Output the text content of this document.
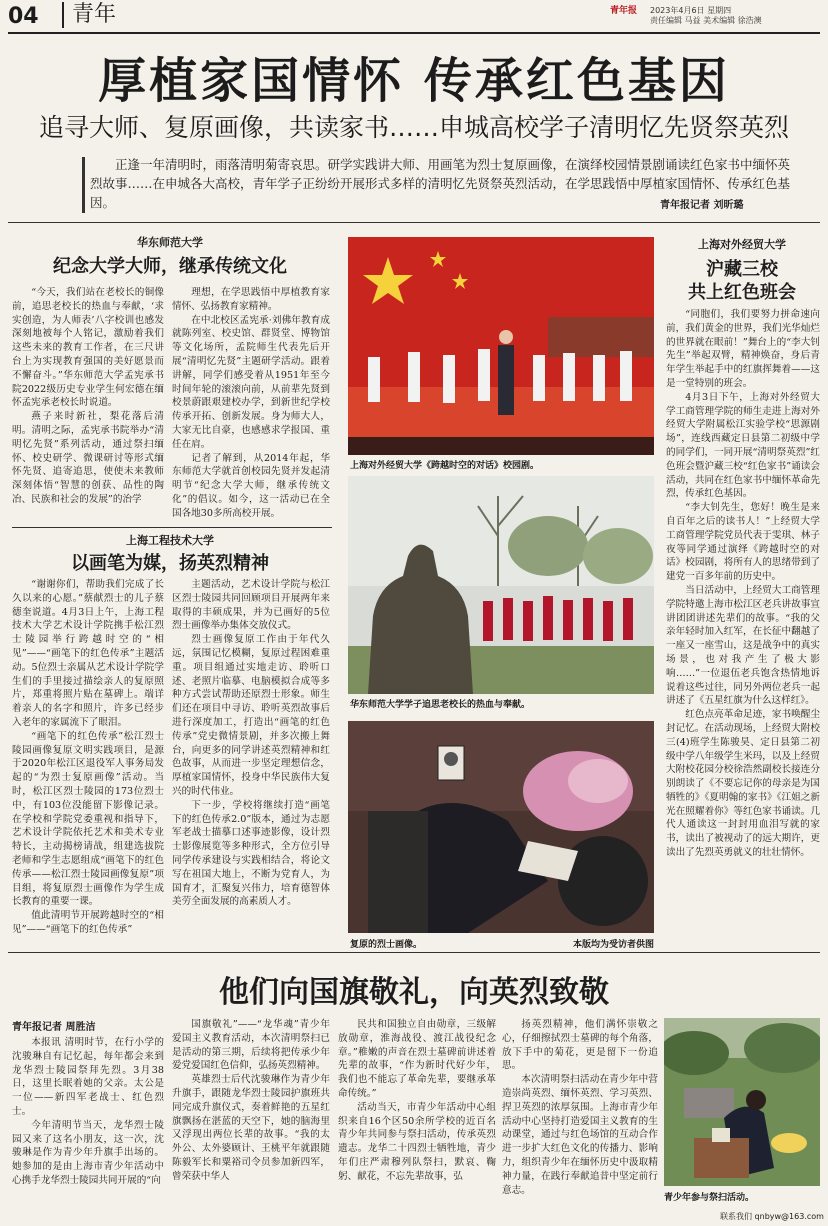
04	青年	青年报	2023年4月6日 星期四
责任编辑 马益 美术编辑 徐浩澳
厚植家国情怀 传承红色基因
追寻大师、复原画像，共读家书……申城高校学子清明忆先贤祭英烈
正逢一年清明时，雨落清明菊寄哀思。研学实践讲大师、用画笔为烈士复原画像，在演绎校园情景剧诵读红色家书中缅怀英烈故事……在申城各大高校，青年学子正纷纷开展形式多样的清明忆先贤祭英烈活动，在学思践悟中厚植家国情怀、传承红色基因。	青年报记者 刘昕璐
华东师范大学
纪念大学大师，继承传统文化

“今天，我们站在老校长的铜像前，追思老校长的热血与奉献，‘求实创造，为人师表’八字校训也感发深刻地被每个人铭记，激励着我们这些未来的教育工作者，在三尺讲台上为实现教育强国的美好愿景而不懈奋斗。”华东师范大学孟宪承书院2022级历史专业学生何宏德在缅怀孟宪承老校长时说道。

燕子来时新社，梨花落后清明。清明之际，孟宪承书院举办“清明忆先贤”系列活动，通过祭扫缅怀、校史研学、微课研讨等形式缅怀先贤、追寄追思，使使未来教师深刻体悟“智慧的创获、品性的陶冶、民族和社会的发展”的治学

理想，在学思践悟中厚植教育家情怀、弘扬教育家精神。

在中北校区孟宪承·刘佛年教育成就陈列室、校史馆、群贤堂、博物馆等文化场所，孟院师生代表先后开展“清明忆先贤”主题研学活动。跟着讲解，同学们感受着从1951年至今时间年轮的滚滚向前，从前辈先贤到校景蔚跟艰建校办学，到新世纪学校传承开拓、创新发展。身为师大人，大家无比自豪，也感感求学报国、重任在肩。

记者了解到，从2014年起，华东师范大学就首创校园先贤并发起清明节“纪念大学大师，继承传统文化”的倡议。如今，这一活动已在全国各地30多所高校开展。

上海工程技术大学
以画笔为媒，扬英烈精神

“谢谢你们，帮助我们完成了长久以来的心愿。”蔡献烈士的儿子蔡德奎说道。4月3日上午，上海工程技术大学艺术设计学院携手松江烈士陵园举行跨越时空的“相见”——“画笔下的红色传承”主题活动。5位烈士亲属从艺术设计学院学生们的手里接过描绘亲人的复原照片，郑重将照片贴在墓碑上。端详着亲人的名字和照片，许多已经步入老年的家属流下了眼泪。

“画笔下的红色传承”松江烈士陵园画像复原文明实践项目，是源于2020年松江区退役军人事务局发起的“为烈士复原画像”活动。当时，松江区烈士陵园的173位烈士中，有103位没能留下影像记录。在学校和学院党委重视和指导下，艺术设计学院依托艺术和美术专业特长，主动揭榜请战，组建选拔院老师和学生志愿组成“画笔下的红色传承——松江烈士陵园画像复原”项目组，将复原烈士画像作为学生成长教育的重要一课。

值此清明节开展跨越时空的“相见”——“画笔下的红色传承”

主题活动，艺术设计学院与松江区烈士陵园共同回顾项目开展两年来取得的丰硕成果，并为已画好的5位烈士画像举办集体交放仪式。

烈士画像复原工作由于年代久远，氛围记忆模糊，复原过程困难重重。项目组通过实地走访、聆听口述、老照片临摹、电脑模拟合成等多种方式尝试帮助还原烈士形象。师生们还在项目中寻访、聆听英烈故事后进行深度加工，打造出“画笔的红色传承”党史微情景剧，并多次搬上舞台，向更多的同学讲述英烈精神和红色故事，从而进一步坚定理想信念，厚植家国情怀，投身中华民族伟大复兴的时代伟业。

下一步，学校将继续打造“画笔下的红色传承2.0”版本，通过为志愿军老战士描摹口述事迹影像，设计烈士影像展览等多种形式，全方位引导同学传承建设与实践相结合，将论文写在祖国大地上，不断为党育人，为国育才，汇聚复兴伟力，培育德智体美劳全面发展的高素质人才。

上海对外经贸大学《跨越时空的对话》校园剧。
华东师范大学学子追思老校长的热血与奉献。
复原的烈士画像。	本版均为受访者供图
上海对外经贸大学
沪藏三校
共上红色班会

“同胞们，我们要努力拼命速向前，我们黄金的世界，我们光华灿烂的世界就在眼前！”舞台上的“李大钊先生”举起双臂，精神焕奋，身后青年学生举起手中的红旗挥舞着——这是一堂特别的班会。

4月3日下午，上海对外经贸大学工商管理学院的师生走进上海对外经贸大学附属松江实验学校“思源剧场”，连线西藏定日县第二初级中学的同学们，一同开展“清明祭英烈”红色班会暨沪藏三校“红色家书”诵读会活动，共同在红色家书中缅怀革命先烈，传承红色基因。

“李大钊先生，您好！晚生是来自百年之后的读书人！”上经贸大学工商管理学院党员代表于雯琪、林子夜等同学通过演绎《跨越时空的对话》校园剧，将所有人的思绪带到了建党一百多年前的历史中。

当日活动中，上经贸大工商管理学院特邀上海市松江区老兵讲故事宣讲团团讲述先辈们的故事。“我的父亲年轻时加入红军，在长征中翻越了一座又一座雪山，这是战争中的真实场景，也对我产生了极大影响……”一位退伍老兵饱含热情地诉说着这些过往，同另外两位老兵一起讲述了《五星红旗为什么这样红》。

红色点亮革命足迹，家书唤醒尘封记忆。在活动现场，上经贸大附校三(4)班学生陈骏昊、定日县第二初级中学八年级学生米玛，以及上经贸大附校花园分校徐浩然副校长接连分别朗读了《不要忘记你的母亲是为国牺牲的》《夏明翰的家书》《江姐之新光在照耀着你》等红色家书诵读。几代人通读这一封封用血泪写就的家书，读出了被视动了的远大期许，更读出了先烈英勇就义的壮壮情怀。

他们向国旗敬礼，向英烈致敬
青年报记者 周胜洁

本报讯 清明时节，在行小学的沈骏琳自有记忆起，每年都会来到龙华烈士陵园祭拜先烈。3月38日，这里长眠着她的父亲。太公是一位——新四军老战士、红色烈士。

今年清明节当天，龙华烈士陵园又来了这名小朋友，这一次，沈骏琳是作为青少年升旗手出场的。她参加的是由上海市青少年活动中心携手龙华烈士陵园共同开展的“向

国旗敬礼”——“龙华魂”青少年爱国主义教育活动，本次清明祭扫已是活动的第三期，后续将把传承少年爱党爱国红色信仰，弘扬英烈精神。

英雄烈士后代沈骏琳作为青少年升旗手，跟随龙华烈士陵园护旗班共同完成升旗仪式，奏着鲜艳的五星红旗飘扬在湛蓝的天空下，她的脑海里又浮现出两位长辈的故事。“我的太外公、太外婆顾计、王桃平年就跟随陈毅军长和粟裕司令员参加新四军，曾荣获中华人

民共和国独立自由勋章，三级解放勋章，淮海战役、渡江战役纪念章。”稚嫩的声音在烈士墓碑前讲述着先辈的故事，“作为新时代好少年，我们也不能忘了革命先辈，要继承革命传统。”

活动当天，市青少年活动中心组织来自16个区50余所学校的近百名青少年共同参与祭扫活动，传承英烈遗志。龙华二十四烈士牺牲地，青少年们庄严肃穆列队祭扫，默哀、鞠躬、献花，不忘先辈故事，弘

扬英烈精神，他们满怀崇敬之心，仔细擦拭烈士墓碑的每个角落，放下手中的菊花，更是留下一份追思。

本次清明祭扫活动在青少年中营造崇尚英烈、缅怀英烈、学习英烈、捍卫英烈的浓厚氛围。上海市青少年活动中心坚持打造爱国主义教育的生动课堂，通过与红色场馆的互动合作进一步扩大红色文化的传播力、影响力，组织青少年在缅怀历史中汲取精神力量，在践行奉献追昔中坚定前行意志。

青少年参与祭扫活动。
联系我们 qnbyw@163.com
